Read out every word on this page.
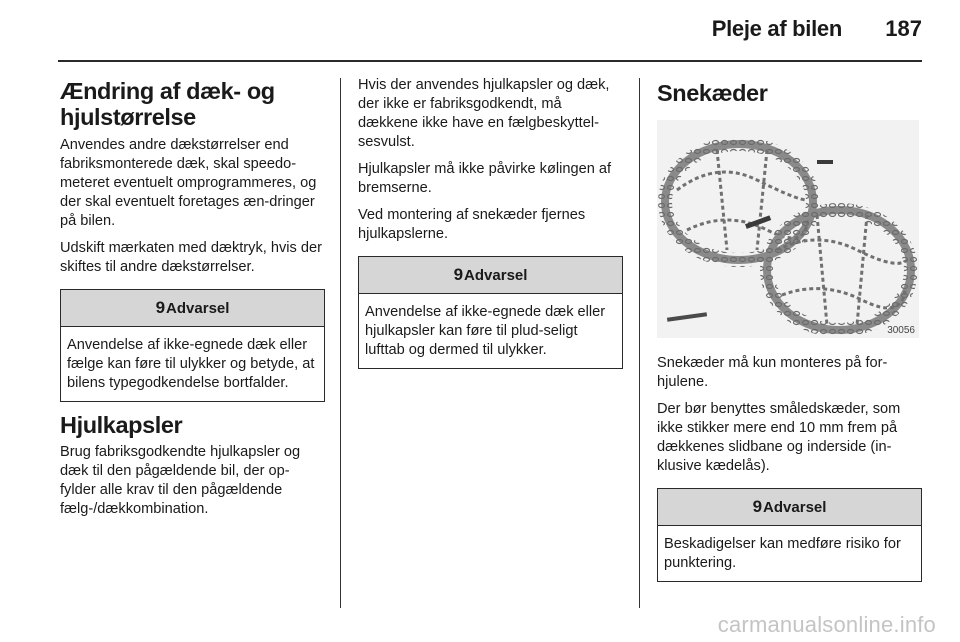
Pleje af bilen 187
Ændring af dæk- og hjulstørrelse

Anvendes andre dækstørrelser end fabriksmonterede dæk, skal speedo-meteret eventuelt omprogrammeres, og der skal eventuelt foretages æn-dringer på bilen.

Udskift mærkaten med dæktryk, hvis der skiftes til andre dækstørrelser.

9 Advarsel
Anvendelse af ikke-egnede dæk eller fælge kan føre til ulykker og betyde, at bilens typegodkendelse bortfalder.
Hjulkapsler

Brug fabriksgodkendte hjulkapsler og dæk til den pågældende bil, der op-fylder alle krav til den pågældende fælg-/dækkombination.

Hvis der anvendes hjulkapsler og dæk, der ikke er fabriksgodkendt, må dækkene ikke have en fælgbeskyttel-sesvulst.

Hjulkapsler må ikke påvirke kølingen af bremserne.

Ved montering af snekæder fjernes hjulkapslerne.

9 Advarsel
Anvendelse af ikke-egnede dæk eller hjulkapsler kan føre til plud-seligt lufttab og dermed til ulykker.
Snekæder
30056

Snekæder må kun monteres på for-hjulene.

Der bør benyttes småledskæder, som ikke stikker mere end 10 mm frem på dækkenes slidbane og inderside (in-klusive kædelås).

9 Advarsel
Beskadigelser kan medføre risiko for punktering.
carmanualsonline.info
